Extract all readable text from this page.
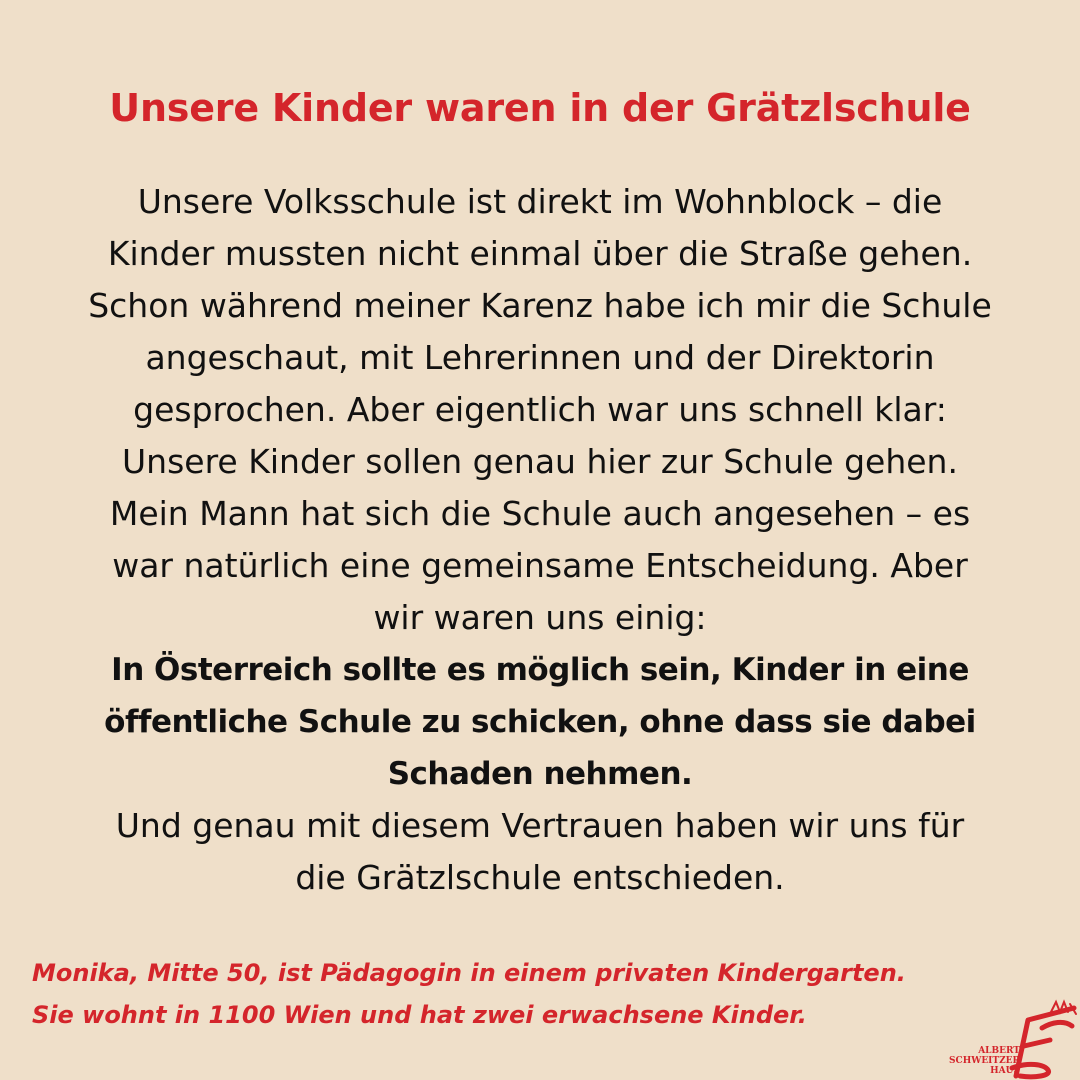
Unsere Kinder waren in der Grätzlschule
Unsere Volksschule ist direkt im Wohnblock – die
Kinder mussten nicht einmal über die Straße gehen.
Schon während meiner Karenz habe ich mir die Schule
angeschaut, mit Lehrerinnen und der Direktorin
gesprochen. Aber eigentlich war uns schnell klar:
Unsere Kinder sollen genau hier zur Schule gehen.
Mein Mann hat sich die Schule auch angesehen – es
war natürlich eine gemeinsame Entscheidung. Aber
wir waren uns einig:
In Österreich sollte es möglich sein, Kinder in eine
öffentliche Schule zu schicken, ohne dass sie dabei
Schaden nehmen.
Und genau mit diesem Vertrauen haben wir uns für
die Grätzlschule entschieden.
Monika, Mitte 50, ist Pädagogin in einem privaten Kindergarten.
Sie wohnt in 1100 Wien und hat zwei erwachsene Kinder.
ALBERT
SCHWEITZER
HAUS
